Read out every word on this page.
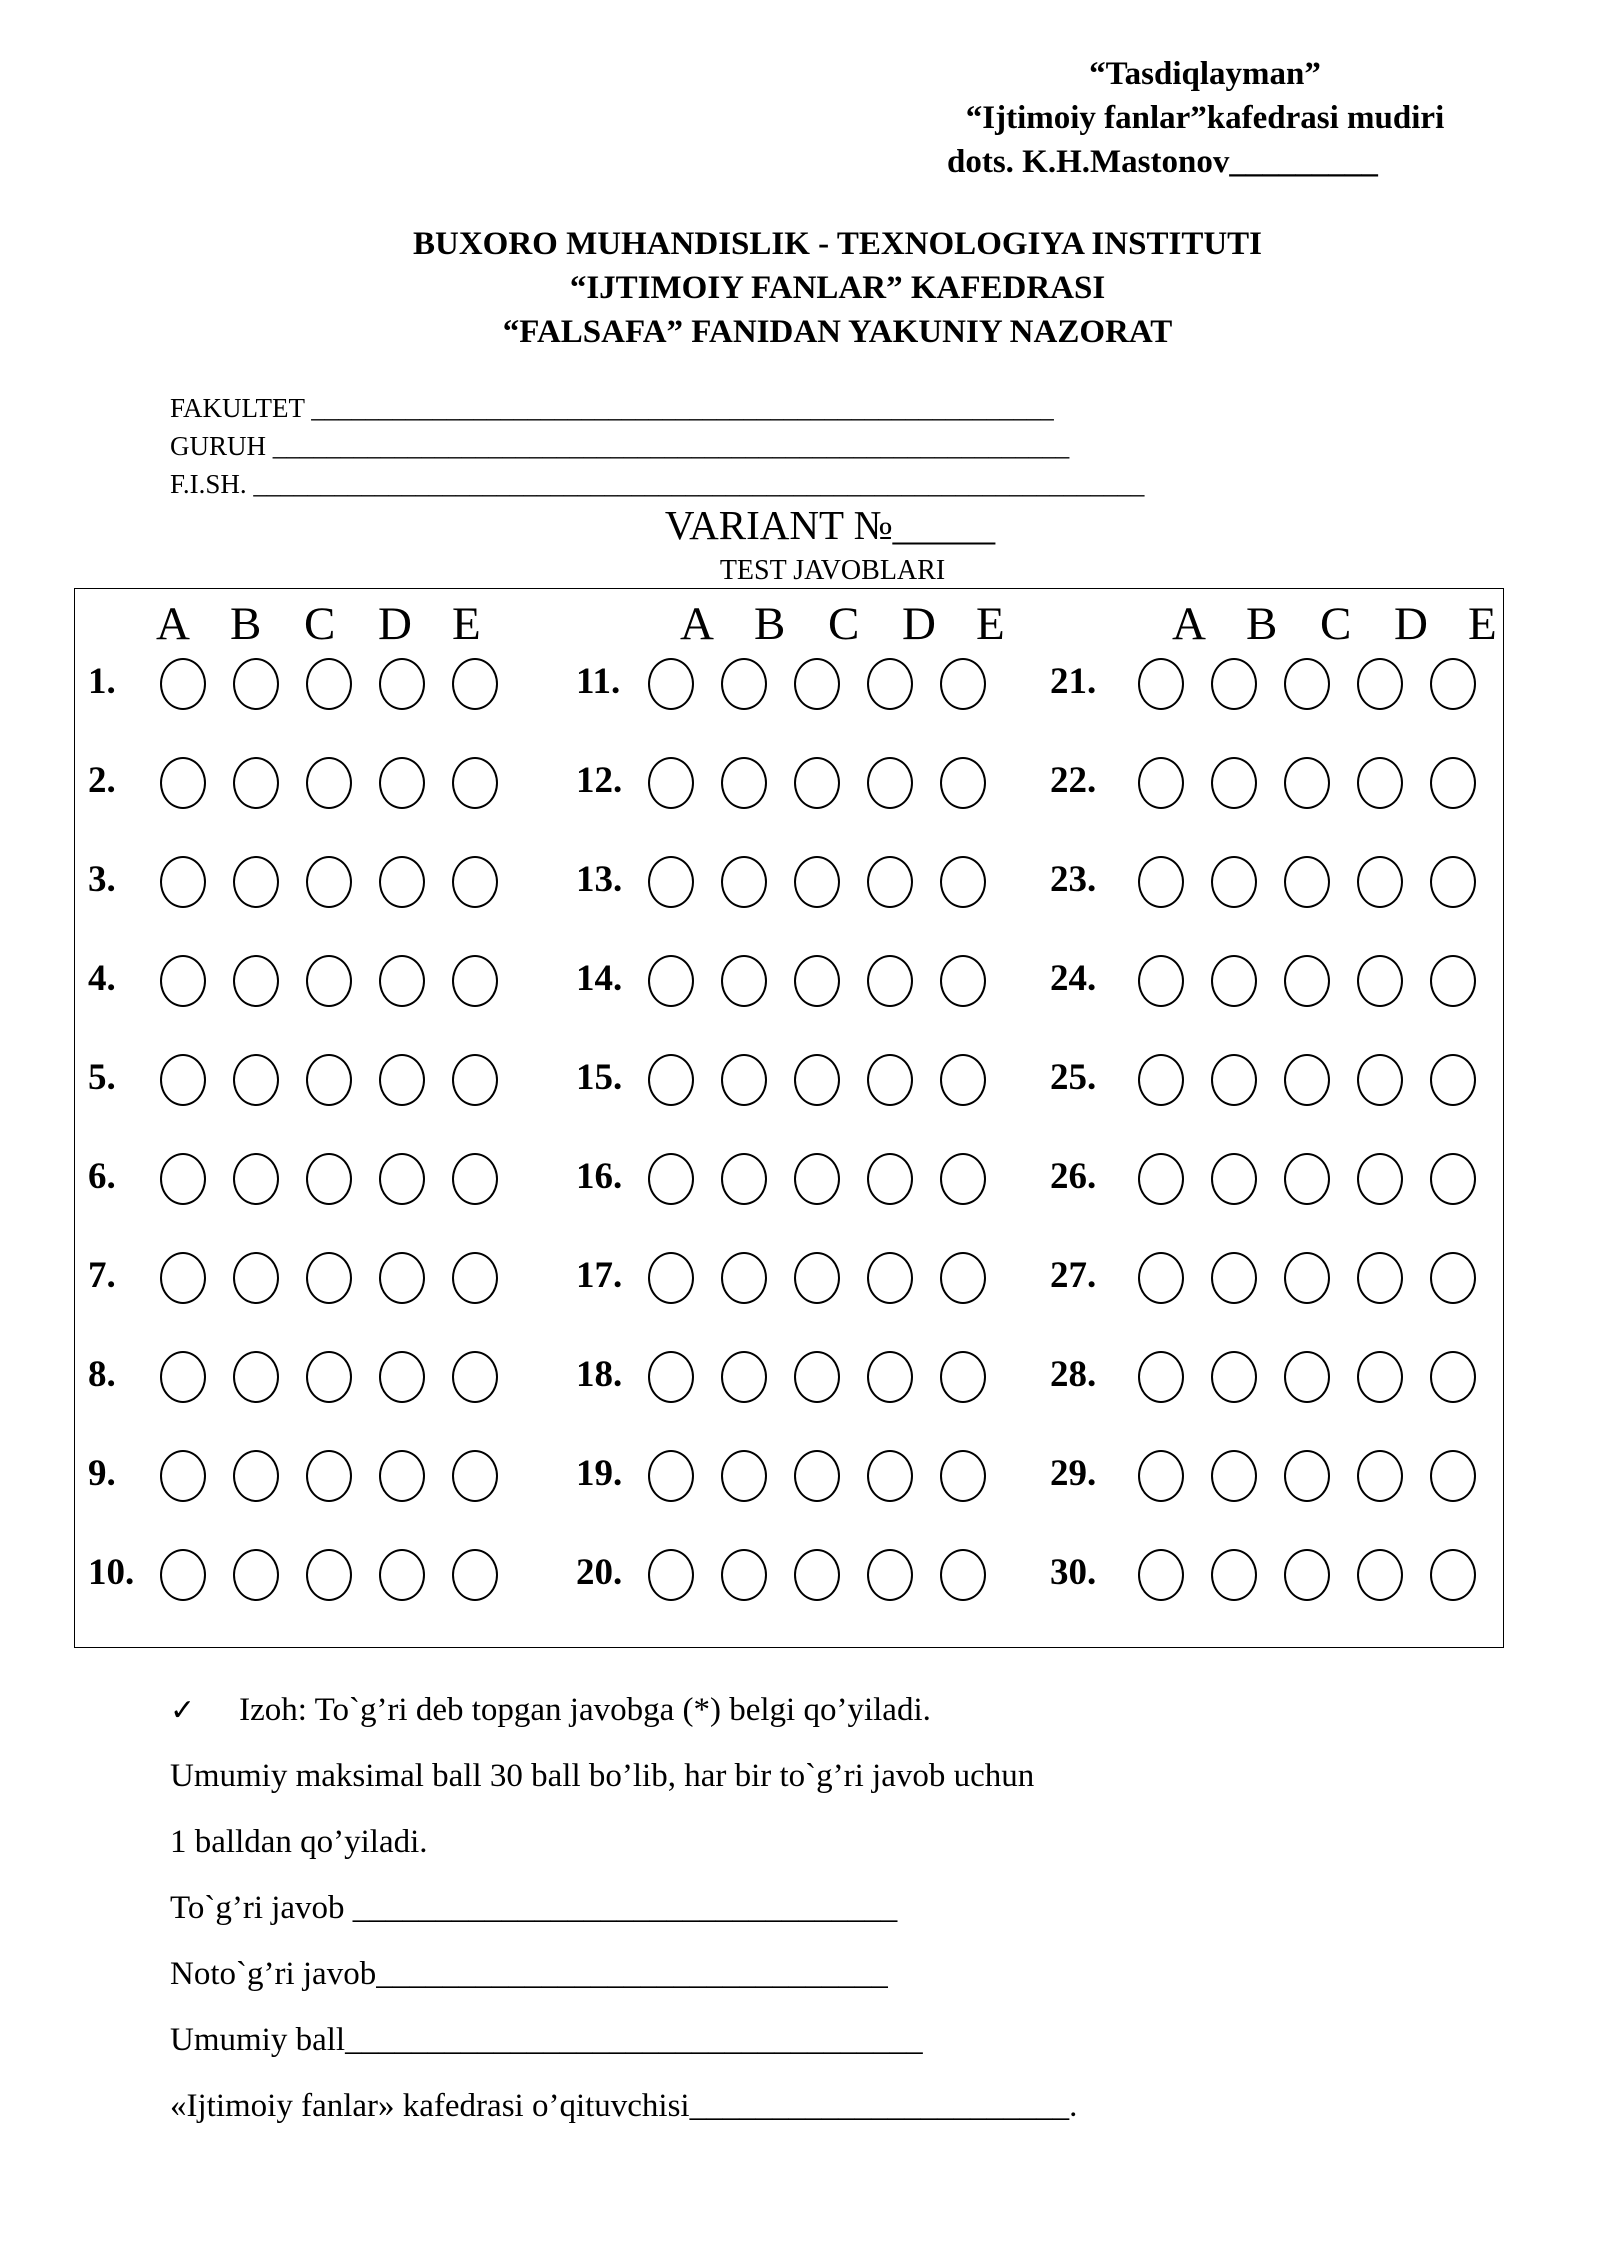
“Tasdiqlayman”
“Ijtimoiy fanlar”kafedrasi mudiri
dots. K.H.Mastonov_________
BUXORO MUHANDISLIK - TEXNOLOGIYA INSTITUTI
“IJTIMOIY FANLAR” KAFEDRASI
“FALSAFA” FANIDAN YAKUNIY NAZORAT
FAKULTET _______________________________________________________
GURUH ___________________________________________________________
F.I.SH. __________________________________________________________________
VARIANT №_____
TEST JAVOBLARI
A B C D E	A B C D E	A B C D E
1.
2.
3.
4.
5.
6.
7.
8.
9.
10.
11.
12.
13.
14.
15.
16.
17.
18.
19.
20.
21.
22.
23.
24.
25.
26.
27.
28.
29.
30.
✓ Izoh: To`g’ri deb topgan javobga (*) belgi qo’yiladi.
Umumiy maksimal ball 30 ball bo’lib, har bir to`g’ri javob uchun
1 balldan qo’yiladi.
To`g’ri javob _________________________________
Noto`g’ri javob_______________________________
Umumiy ball___________________________________
«Ijtimoiy fanlar» kafedrasi o’qituvchisi_______________________.
